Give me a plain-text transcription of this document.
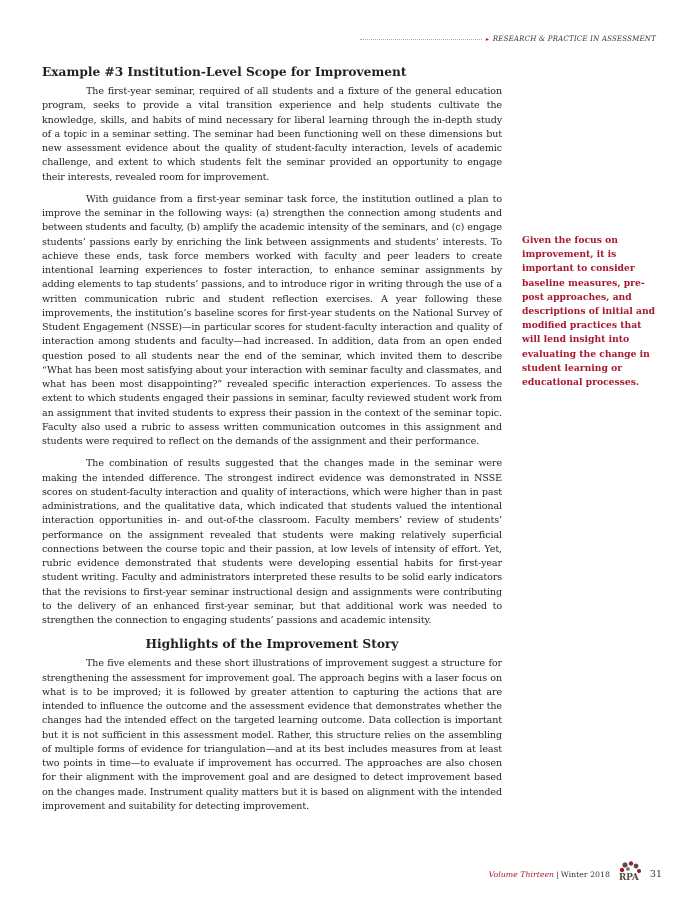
▸ RESEARCH & PRACTICE IN ASSESSMENT
Example #3 Institution-Level Scope for Improvement

The first-year seminar, required of all students and a fixture of the general education program, seeks to provide a vital transition experience and help students cultivate the knowledge, skills, and habits of mind necessary for liberal learning through the in-depth study of a topic in a seminar setting. The seminar had been functioning well on these dimensions but new assessment evidence about the quality of student-faculty interaction, levels of academic challenge, and extent to which students felt the seminar provided an opportunity to engage their interests, revealed room for improvement.

With guidance from a first-year seminar task force, the institution outlined a plan to improve the seminar in the following ways: (a) strengthen the connection among students and between students and faculty, (b) amplify the academic intensity of the seminars, and (c) engage students’ passions early by enriching the link between assignments and students’ interests. To achieve these ends, task force members worked with faculty and peer leaders to create intentional learning experiences to foster interaction, to enhance seminar assignments by adding elements to tap students’ passions, and to introduce rigor in writing through the use of a written communication rubric and student reflection exercises. A year following these improvements, the institution’s baseline scores for first-year students on the National Survey of Student Engagement (NSSE)—in particular scores for student-faculty interaction and quality of interaction among students and faculty—had increased. In addition, data from an open ended question posed to all students near the end of the seminar, which invited them to describe “What has been most satisfying about your interaction with seminar faculty and classmates, and what has been most disappointing?” revealed specific interaction experiences. To assess the extent to which students engaged their passions in seminar, faculty reviewed student work from an assignment that invited students to express their passion in the context of the seminar topic. Faculty also used a rubric to assess written communication outcomes in this assignment and students were required to reflect on the demands of the assignment and their performance.

The combination of results suggested that the changes made in the seminar were making the intended difference. The strongest indirect evidence was demonstrated in NSSE scores on student-faculty interaction and quality of interactions, which were higher than in past administrations, and the qualitative data, which indicated that students valued the intentional interaction opportunities in- and out-of-the classroom. Faculty members’ review of students’ performance on the assignment revealed that students were making relatively superficial connections between the course topic and their passion, at low levels of intensity of effort. Yet, rubric evidence demonstrated that students were developing essential habits for first-year student writing. Faculty and administrators interpreted these results to be solid early indicators that the revisions to first-year seminar instructional design and assignments were contributing to the delivery of an enhanced first-year seminar, but that additional work was needed to strengthen the connection to engaging students’ passions and academic intensity.

Highlights of the Improvement Story

The five elements and these short illustrations of improvement suggest a structure for strengthening the assessment for improvement goal. The approach begins with a laser focus on what is to be improved; it is followed by greater attention to capturing the actions that are intended to influence the outcome and the assessment evidence that demonstrates whether the changes had the intended effect on the targeted learning outcome. Data collection is important but it is not sufficient in this assessment model. Rather, this structure relies on the assembling of multiple forms of evidence for triangulation—and at its best includes measures from at least two points in time—to evaluate if improvement has occurred. The approaches are also chosen for their alignment with the improvement goal and are designed to detect improvement based on the changes made. Instrument quality matters but it is based on alignment with the intended improvement and suitability for detecting improvement.

Given the focus on improvement, it is important to consider baseline measures, pre-post approaches, and descriptions of initial and modified practices that will lend insight into evaluating the change in student learning or educational processes.
Volume Thirteen | Winter 2018 RPA 31
